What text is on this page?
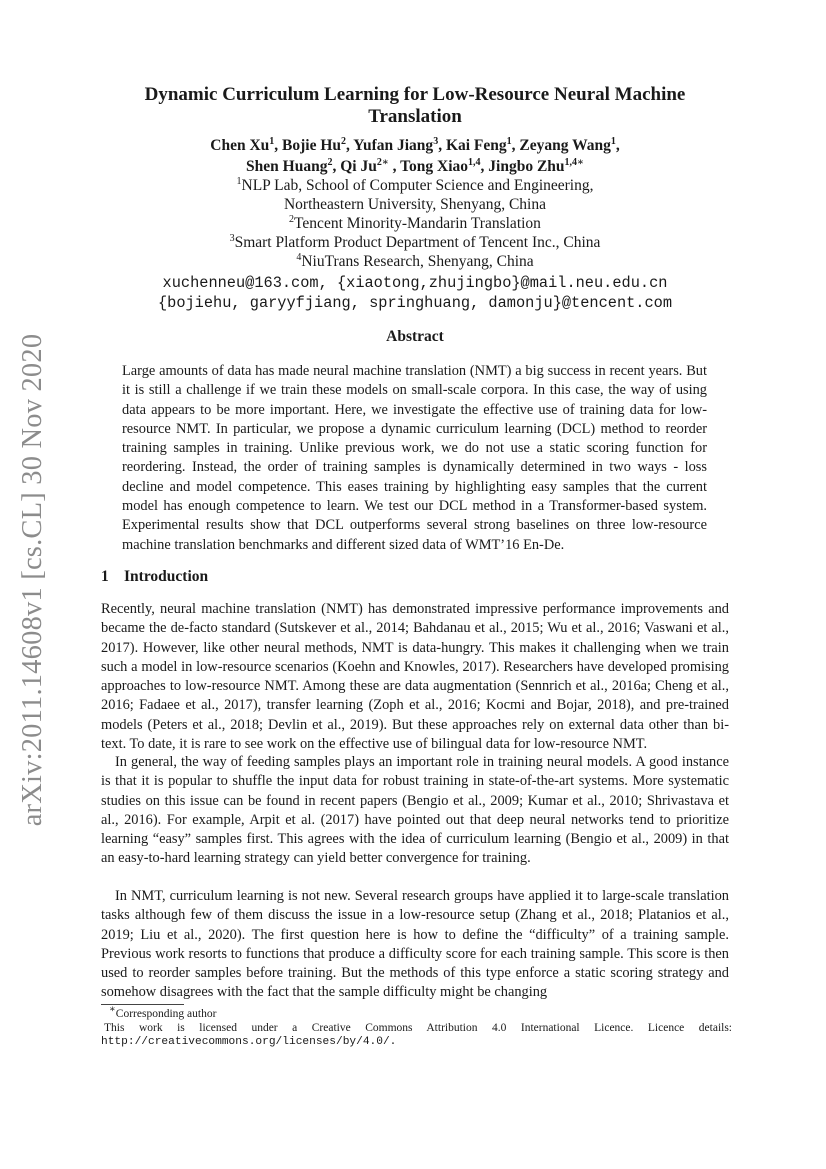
arXiv:2011.14608v1 [cs.CL] 30 Nov 2020
Dynamic Curriculum Learning for Low-Resource Neural Machine Translation
Chen Xu$^1$, Bojie Hu$^2$, Yufan Jiang$^3$, Kai Feng$^1$, Zeyang Wang$^1$,
Shen Huang$^2$, Qi $Ju^{2∗}$ , Tong Xiao$^{1,4}$, Jingbo Zhu$^{1,4∗}$
$^1$NLP Lab, School of Computer Science and Engineering,
Northeastern University, Shenyang, China
$^2$Tencent Minority-Mandarin Translation
$^3$Smart Platform Product Department of Tencent Inc., China
$^4$NiuTrans Research, Shenyang, China
xuchenneu@163.com, {xiaotong,zhujingbo}@mail.neu.edu.cn
{bojiehu, garyyfjiang, springhuang, damonju}@tencent.com
Abstract

Large amounts of data has made neural machine translation (NMT) a big success in recent years. But it is still a challenge if we train these models on small-scale corpora. In this case, the way of using data appears to be more important. Here, we investigate the effective use of training data for low-resource NMT. In particular, we propose a dynamic curriculum learning (DCL) method to reorder training samples in training. Unlike previous work, we do not use a static scoring function for reordering. Instead, the order of training samples is dynamically determined in two ways - loss decline and model competence. This eases training by highlighting easy samples that the current model has enough competence to learn. We test our DCL method in a Transformer-based system. Experimental results show that DCL outperforms several strong baselines on three low-resource machine translation benchmarks and different sized data of WMT’16 En-De.

1 Introduction

Recently, neural machine translation (NMT) has demonstrated impressive performance improvements and became the de-facto standard (Sutskever et al., 2014; Bahdanau et al., 2015; Wu et al., 2016; Vaswani et al., 2017). However, like other neural methods, NMT is data-hungry. This makes it challenging when we train such a model in low-resource scenarios (Koehn and Knowles, 2017). Researchers have developed promising approaches to low-resource NMT. Among these are data augmentation (Sennrich et al., 2016a; Cheng et al., 2016; Fadaee et al., 2017), transfer learning (Zoph et al., 2016; Kocmi and Bojar, 2018), and pre-trained models (Peters et al., 2018; Devlin et al., 2019). But these approaches rely on external data other than bi-text. To date, it is rare to see work on the effective use of bilingual data for low-resource NMT.

In general, the way of feeding samples plays an important role in training neural models. A good instance is that it is popular to shuffle the input data for robust training in state-of-the-art systems. More systematic studies on this issue can be found in recent papers (Bengio et al., 2009; Kumar et al., 2010; Shrivastava et al., 2016). For example, Arpit et al. (2017) have pointed out that deep neural networks tend to prioritize learning “easy” samples first. This agrees with the idea of curriculum learning (Bengio et al., 2009) in that an easy-to-hard learning strategy can yield better convergence for training.

In NMT, curriculum learning is not new. Several research groups have applied it to large-scale translation tasks although few of them discuss the issue in a low-resource setup (Zhang et al., 2018; Platanios et al., 2019; Liu et al., 2020). The first question here is how to define the “difficulty” of a training sample. Previous work resorts to functions that produce a difficulty score for each training sample. This score is then used to reorder samples before training. But the methods of this type enforce a static scoring strategy and somehow disagrees with the fact that the sample difficulty might be changing

∗Corresponding author

This work is licensed under a Creative Commons Attribution 4.0 International Licence. Licence details:

http://creativecommons.org/licenses/by/4.0/.
